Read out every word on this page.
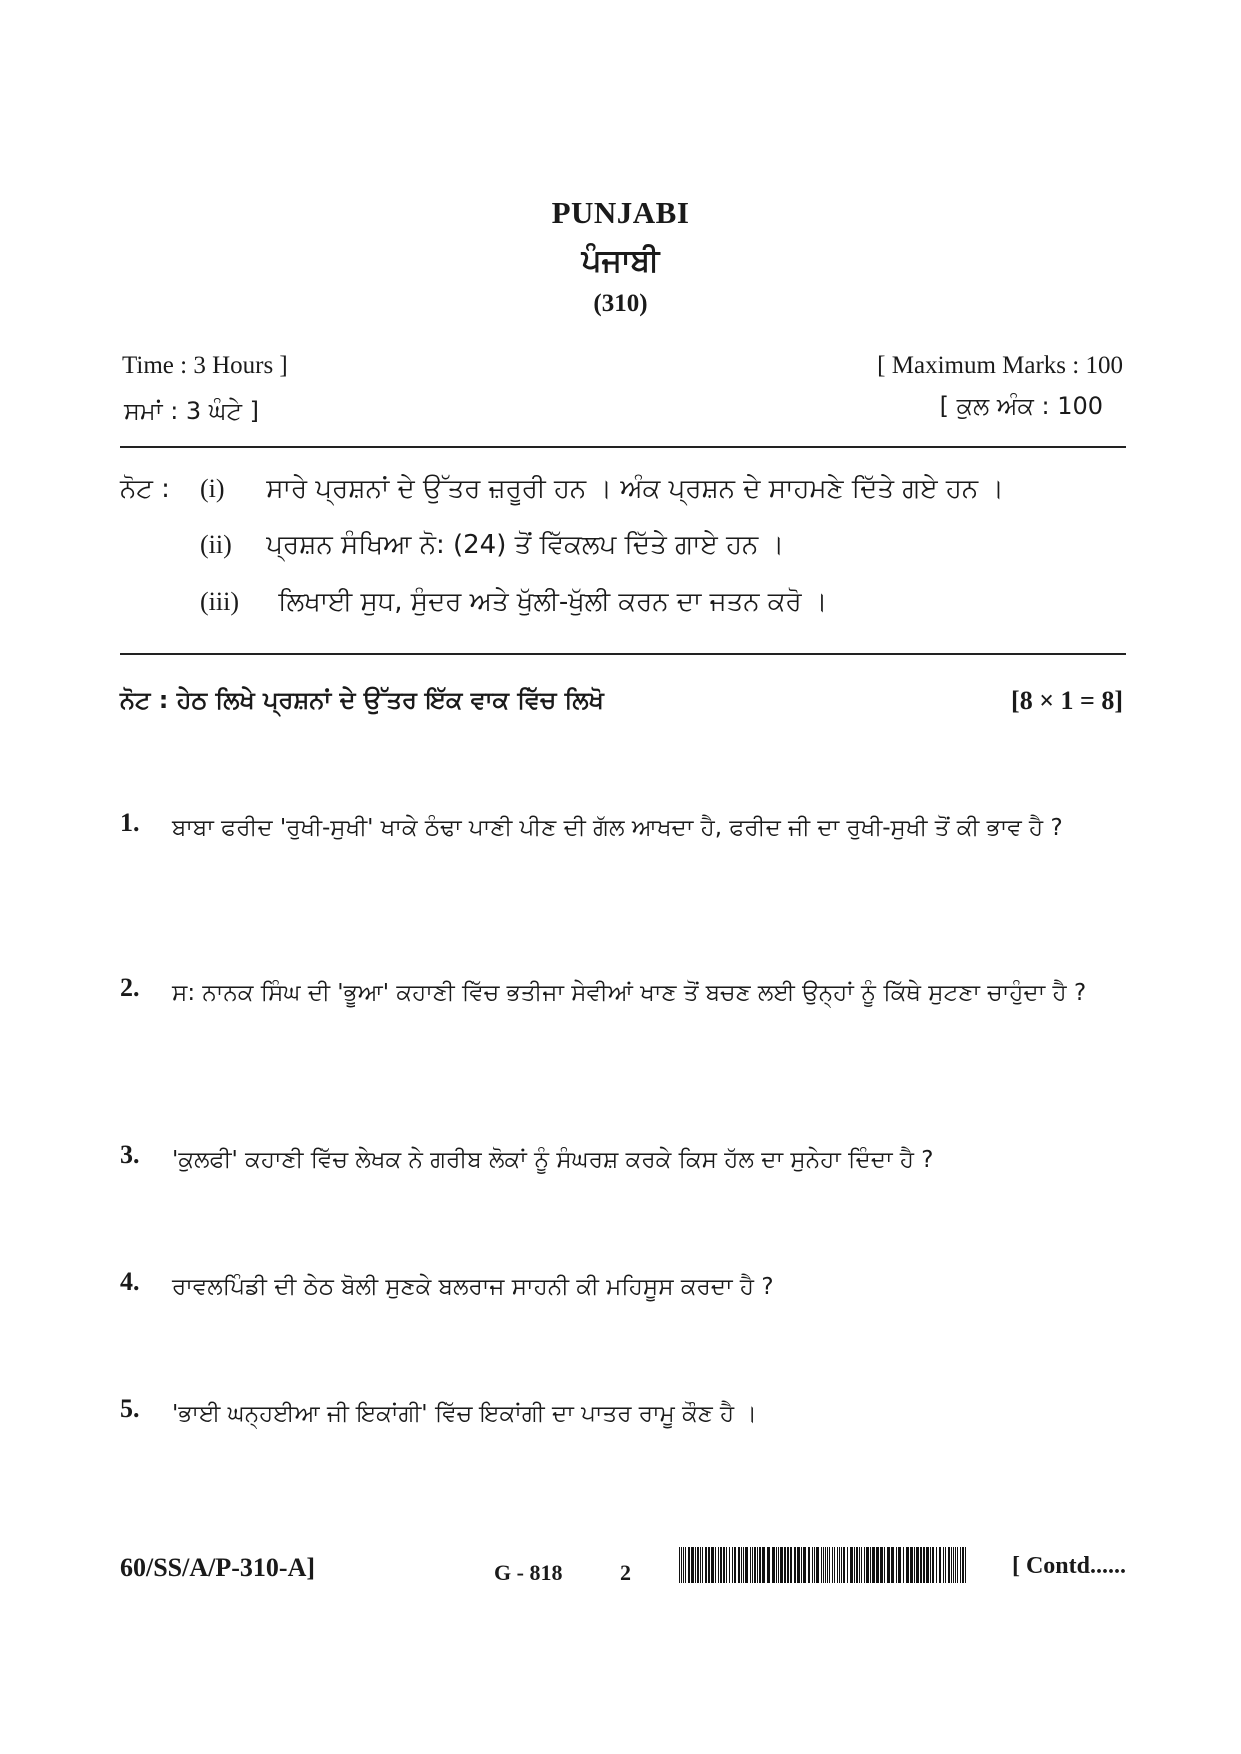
PUNJABI
ਪੰਜਾਬੀ
(310)
Time : 3 Hours ]
ਸਮਾਂ : 3 ਘੰਟੇ ]
[ Maximum Marks : 100
[ ਕੁਲ ਅੰਕ : 100
ਨੋਟ : (i) ਸਾਰੇ ਪ੍ਰਸ਼ਨਾਂ ਦੇ ਉੱਤਰ ਜ਼ਰੂਰੀ ਹਨ । ਅੰਕ ਪ੍ਰਸ਼ਨ ਦੇ ਸਾਹਮਣੇ ਦਿੱਤੇ ਗਏ ਹਨ ।
(ii) ਪ੍ਰਸ਼ਨ ਸੰਖਿਆ ਨੋ: (24) ਤੋਂ ਵਿੱਕਲਪ ਦਿੱਤੇ ਗਾਏ ਹਨ ।
(iii) ਲਿਖਾਈ ਸੁਧ, ਸੁੰਦਰ ਅਤੇ ਖੁੱਲੀ-ਖੁੱਲੀ ਕਰਨ ਦਾ ਜਤਨ ਕਰੋ ।
ਨੋਟ : ਹੇਠ ਲਿਖੇ ਪ੍ਰਸ਼ਨਾਂ ਦੇ ਉੱਤਰ ਇੱਕ ਵਾਕ ਵਿੱਚ ਲਿਖੋ	[8 × 1 = 8]
1. ਬਾਬਾ ਫਰੀਦ 'ਰੁਖੀ-ਸੁਖੀ' ਖਾਕੇ ਠੰਢਾ ਪਾਣੀ ਪੀਣ ਦੀ ਗੱਲ ਆਖਦਾ ਹੈ, ਫਰੀਦ ਜੀ ਦਾ ਰੁਖੀ-ਸੁਖੀ ਤੋਂ ਕੀ ਭਾਵ ਹੈ ?
2. ਸ: ਨਾਨਕ ਸਿੰਘ ਦੀ 'ਭੂਆ' ਕਹਾਣੀ ਵਿੱਚ ਭਤੀਜਾ ਸੇਵੀਆਂ ਖਾਣ ਤੋਂ ਬਚਣ ਲਈ ਉਨ੍ਹਾਂ ਨੂੰ ਕਿੱਥੇ ਸੁਟਣਾ ਚਾਹੁੰਦਾ ਹੈ ?
3. 'ਕੁਲਫੀ' ਕਹਾਣੀ ਵਿੱਚ ਲੇਖਕ ਨੇ ਗਰੀਬ ਲੋਕਾਂ ਨੂੰ ਸੰਘਰਸ਼ ਕਰਕੇ ਕਿਸ ਹੱਲ ਦਾ ਸੁਨੇਹਾ ਦਿੰਦਾ ਹੈ ?
4. ਰਾਵਲਪਿੰਡੀ ਦੀ ਠੇਠ ਬੋਲੀ ਸੁਣਕੇ ਬਲਰਾਜ ਸਾਹਨੀ ਕੀ ਮਹਿਸੂਸ ਕਰਦਾ ਹੈ ?
5. 'ਭਾਈ ਘਨ੍ਹਈਆ ਜੀ ਇਕਾਂਗੀ' ਵਿੱਚ ਇਕਾਂਗੀ ਦਾ ਪਾਤਰ ਰਾਮੂ ਕੌਣ ਹੈ ।
60/SS/A/P-310-A]	G - 818	2	[ Contd......
